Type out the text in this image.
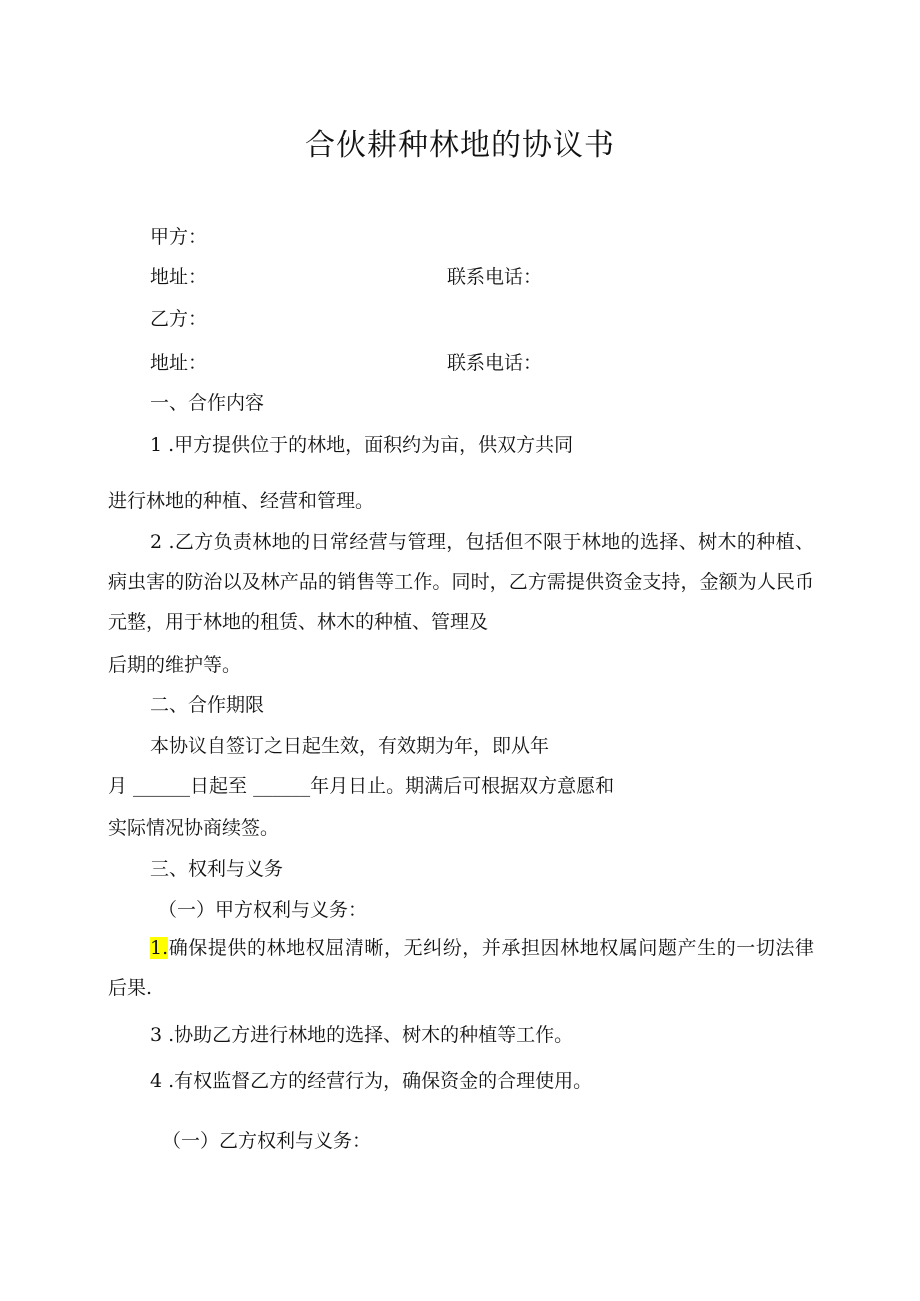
合伙耕种林地的协议书
甲方：
地址：	联系电话：
乙方：
地址：	联系电话：
一、合作内容
1 .甲方提供位于的林地，面积约为亩，供双方共同
进行林地的种植、经营和管理。
2 .乙方负责林地的日常经营与管理，包括但不限于林地的选择、树木的种植、病虫害的防治以及林产品的销售等工作。同时，乙方需提供资金支持，金额为人民币元整，用于林地的租赁、林木的种植、管理及
后期的维护等。
二、合作期限
本协议自签订之日起生效，有效期为年，即从年
月 ______日起至 ______年月日止。期满后可根据双方意愿和
实际情况协商续签。
三、权利与义务
（一）甲方权利与义务：
1.确保提供的林地权屈清晰，无纠纷，并承担因林地权属问题产生的一切法律后果.
3 .协助乙方进行林地的选择、树木的种植等工作。
4 .有权监督乙方的经营行为，确保资金的合理使用。
（一）乙方权利与义务：
